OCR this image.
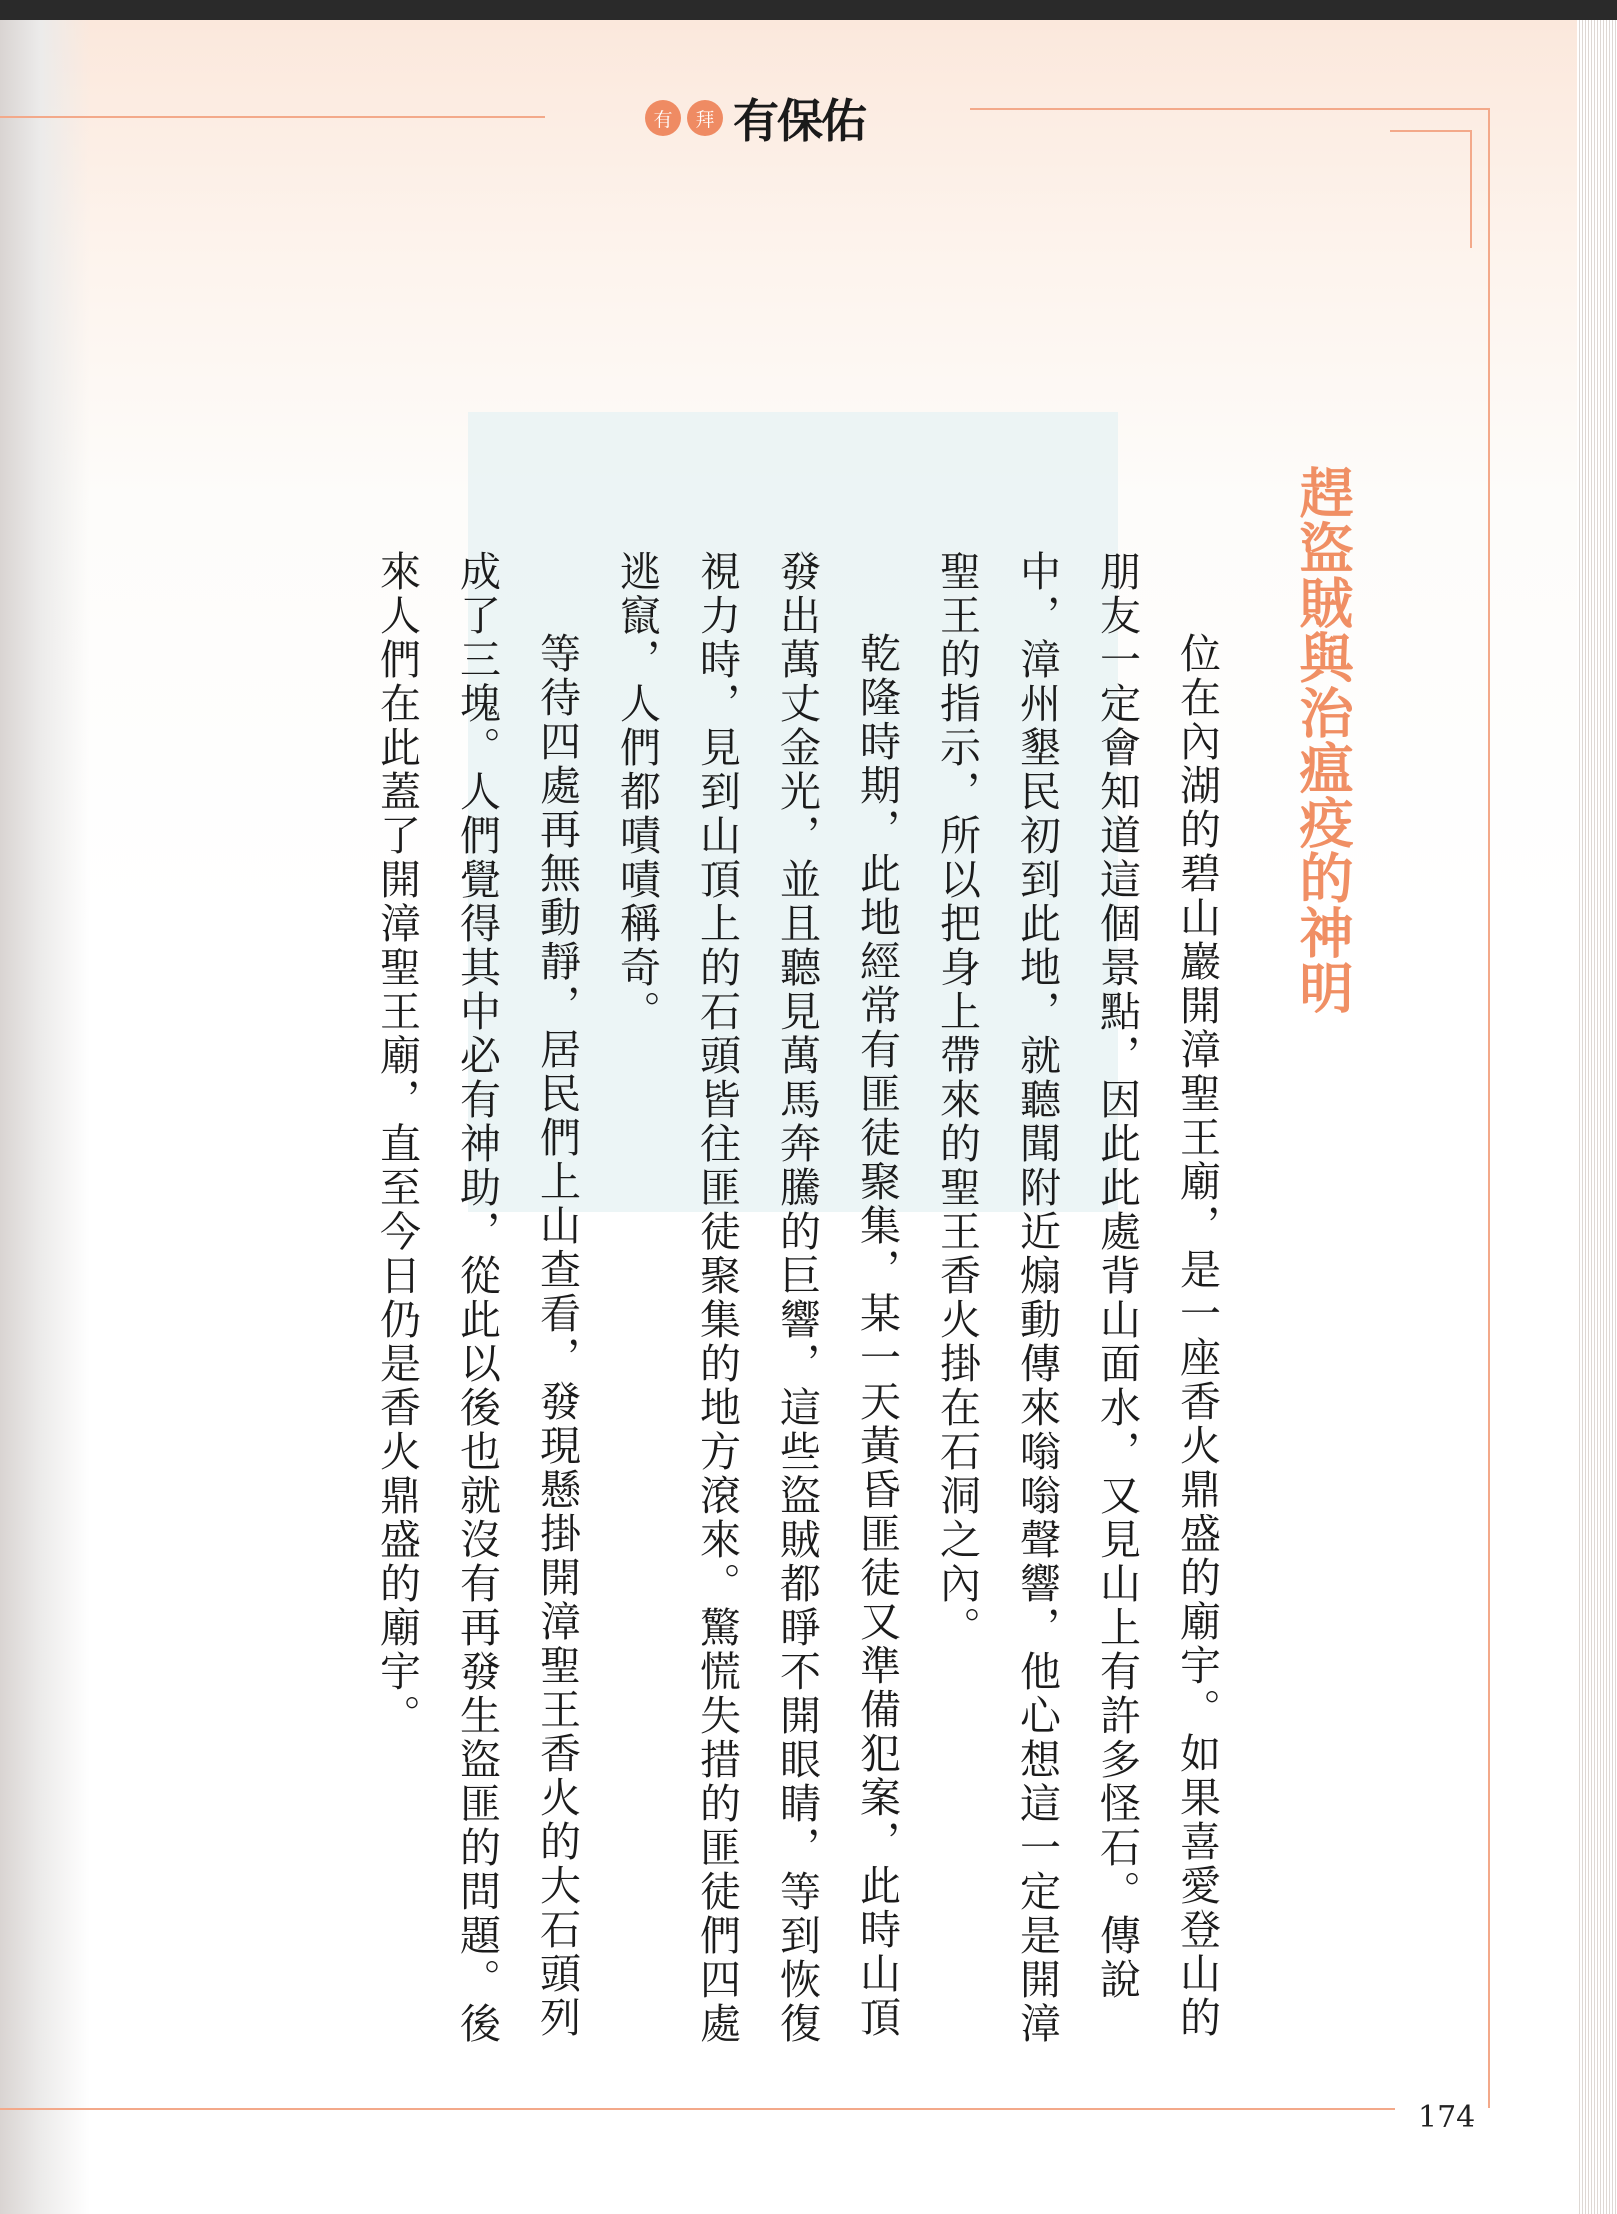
有	拜 有保佑
趕盜賊與治瘟疫的神明

位在內湖的碧山巖開漳聖王廟，是一座香火鼎盛的廟宇。如果喜愛登山的朋友一定會知道這個景點，因此此處背山面水，又見山上有許多怪石。傳說中，漳州墾民初到此地，就聽聞附近煽動傳來嗡嗡聲響，他心想這一定是開漳聖王的指示，所以把身上帶來的聖王香火掛在石洞之內。

乾隆時期，此地經常有匪徒聚集，某一天黃昏匪徒又準備犯案，此時山頂發出萬丈金光，並且聽見萬馬奔騰的巨響，這些盜賊都睜不開眼睛，等到恢復視力時，見到山頂上的石頭皆往匪徒聚集的地方滾來。驚慌失措的匪徒們四處逃竄，人們都嘖嘖稱奇。

等待四處再無動靜，居民們上山查看，發現懸掛開漳聖王香火的大石頭列成了三塊。人們覺得其中必有神助，從此以後也就沒有再發生盜匪的問題。後來人們在此蓋了開漳聖王廟，直至今日仍是香火鼎盛的廟宇。

174
